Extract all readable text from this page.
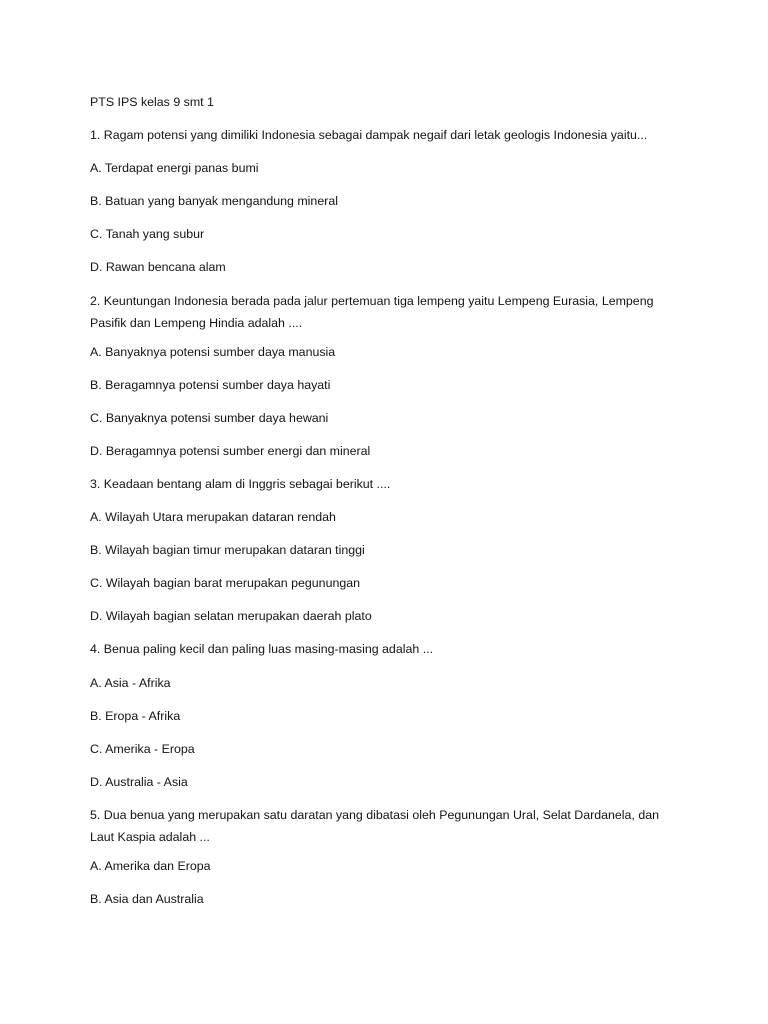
PTS IPS kelas 9 smt 1

1. Ragam potensi yang dimiliki Indonesia sebagai dampak negaif dari letak geologis Indonesia yaitu...

A. Terdapat energi panas bumi

B. Batuan yang banyak mengandung mineral

C. Tanah yang subur

D. Rawan bencana alam

2. Keuntungan Indonesia berada pada jalur pertemuan tiga lempeng yaitu Lempeng Eurasia, Lempeng Pasifik dan Lempeng Hindia adalah ....

A. Banyaknya potensi sumber daya manusia

B. Beragamnya potensi sumber daya hayati

C. Banyaknya potensi sumber daya hewani

D. Beragamnya potensi sumber energi dan mineral

3. Keadaan bentang alam di Inggris sebagai berikut ....

A. Wilayah Utara merupakan dataran rendah

B. Wilayah bagian timur merupakan dataran tinggi

C. Wilayah bagian barat merupakan pegunungan

D. Wilayah bagian selatan merupakan daerah plato

4. Benua paling kecil dan paling luas masing-masing adalah ...

A. Asia - Afrika

B. Eropa - Afrika

C. Amerika - Eropa

D. Australia - Asia

5. Dua benua yang merupakan satu daratan yang dibatasi oleh Pegunungan Ural, Selat Dardanela, dan Laut Kaspia adalah ...

A. Amerika dan Eropa

B. Asia dan Australia
